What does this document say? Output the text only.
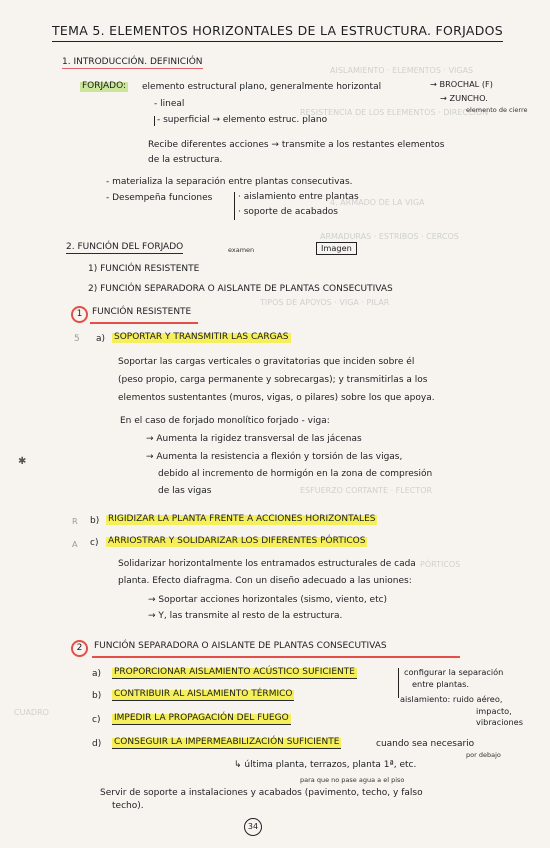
AISLAMIENTO · ELEMENTOS · VIGAS
RESISTENCIA DE LOS ELEMENTOS · DIRECCIÓN
4. ARMADO DE LA VIGA
ARMADURAS · ESTRIBOS · CERCOS
TIPOS DE APOYOS · VIGA · PILAR
ESFUERZO CORTANTE · FLECTOR
PÓRTICOS
CUADRO
TEMA 5. ELEMENTOS HORIZONTALES DE LA ESTRUCTURA. FORJADOS
1. INTRODUCCIÓN. DEFINICIÓN
FORJADO: elemento estructural plano, generalmente horizontal	→ BROCHAL (F)
→ ZUNCHO.
elemento de cierre
- lineal
- superficial → elemento estruc. plano
Recibe diferentes acciones → transmite a los restantes elementos
de la estructura.
- materializa la separación entre plantas consecutivas.
- Desempeña funciones	· aislamiento entre plantas
· soporte de acabados
2. FUNCIÓN DEL FORJADO	examen	Imagen
1) FUNCIÓN RESISTENTE
2) FUNCIÓN SEPARADORA O AISLANTE DE PLANTAS CONSECUTIVAS
1	FUNCIÓN RESISTENTE
5 a) SOPORTAR Y TRANSMITIR LAS CARGAS
Soportar las cargas verticales o gravitatorias que inciden sobre él
(peso propio, carga permanente y sobrecargas); y transmitirlas a los
elementos sustentantes (muros, vigas, o pilares) sobre los que apoya.
En el caso de forjado monolítico forjado - viga:
→ Aumenta la rigidez transversal de las jácenas
→ Aumenta la resistencia a flexión y torsión de las vigas,
debido al incremento de hormigón en la zona de compresión
de las vigas
✱
R b) RIGIDIZAR LA PLANTA FRENTE A ACCIONES HORIZONTALES
A c) ARRIOSTRAR Y SOLIDARIZAR LOS DIFERENTES PÓRTICOS
Solidarizar horizontalmente los entramados estructurales de cada
planta. Efecto diafragma. Con un diseño adecuado a las uniones:
→ Soportar acciones horizontales (sismo, viento, etc)
→ Y, las transmite al resto de la estructura.
2	FUNCIÓN SEPARADORA O AISLANTE DE PLANTAS CONSECUTIVAS
a) PROPORCIONAR AISLAMIENTO ACÚSTICO SUFICIENTE
b) CONTRIBUIR AL AISLAMIENTO TÉRMICO
c) IMPEDIR LA PROPAGACIÓN DEL FUEGO
d) CONSEGUIR LA IMPERMEABILIZACIÓN SUFICIENTE
configurar la separación
entre plantas.
aislamiento: ruido aéreo,
impacto,
vibraciones
cuando sea necesario
por debajo
↳ última planta, terrazos, planta 1ª, etc.
para que no pase agua a el piso
Servir de soporte a instalaciones y acabados (pavimento, techo, y falso
techo).
34
